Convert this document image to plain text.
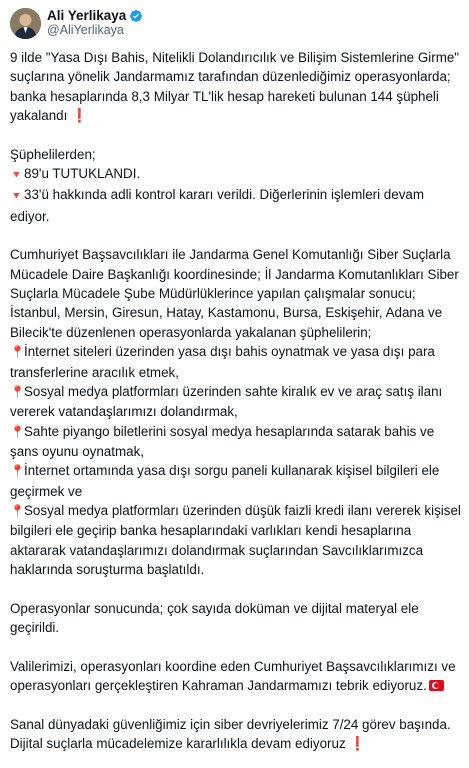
Ali Yerlikaya
@AliYerlikaya

9 ilde "Yasa Dışı Bahis, Nitelikli Dolandırıcılık ve Bilişim Sistemlerine Girme" suçlarına yönelik Jandarmamız tarafından düzenlediğimiz operasyonlarda; banka hesaplarında 8,3 Milyar TL'lik hesap hareketi bulunan 144 şüpheli yakalandı ❗

Şüphelilerden;

🔻 89'u TUTUKLANDI.

🔻 33'ü hakkında adli kontrol kararı verildi. Diğerlerinin işlemleri devam ediyor.

Cumhuriyet Başsavcılıkları ile Jandarma Genel Komutanlığı Siber Suçlarla Mücadele Daire Başkanlığı koordinesinde; İl Jandarma Komutanlıkları Siber Suçlarla Mücadele Şube Müdürlüklerince yapılan çalışmalar sonucu; İstanbul, Mersin, Giresun, Hatay, Kastamonu, Bursa, Eskişehir, Adana ve Bilecik'te düzenlenen operasyonlarda yakalanan şüphelilerin;

📍İnternet siteleri üzerinden yasa dışı bahis oynatmak ve yasa dışı para transferlerine aracılık etmek,

📍Sosyal medya platformları üzerinden sahte kiralık ev ve araç satış ilanı vererek vatandaşlarımızı dolandırmak,

📍Sahte piyango biletlerini sosyal medya hesaplarında satarak bahis ve şans oyunu oynatmak,

📍İnternet ortamında yasa dışı sorgu paneli kullanarak kişisel bilgileri ele geçirmek ve

📍Sosyal medya platformları üzerinden düşük faizli kredi ilanı vererek kişisel bilgileri ele geçirip banka hesaplarındaki varlıkları kendi hesaplarına aktararak vatandaşlarımızı dolandırmak suçlarından Savcılıklarımızca haklarında soruşturma başlatıldı.

Operasyonlar sonucunda; çok sayıda doküman ve dijital materyal ele geçirildi.

Valilerimizi, operasyonları koordine eden Cumhuriyet Başsavcılıklarımızı ve operasyonları gerçekleştiren Kahraman Jandarmamızı tebrik ediyoruz.

Sanal dünyadaki güvenliğimiz için siber devriyelerimiz 7/24 görev başında. Dijital suçlarla mücadelemize kararlılıkla devam ediyoruz ❗
